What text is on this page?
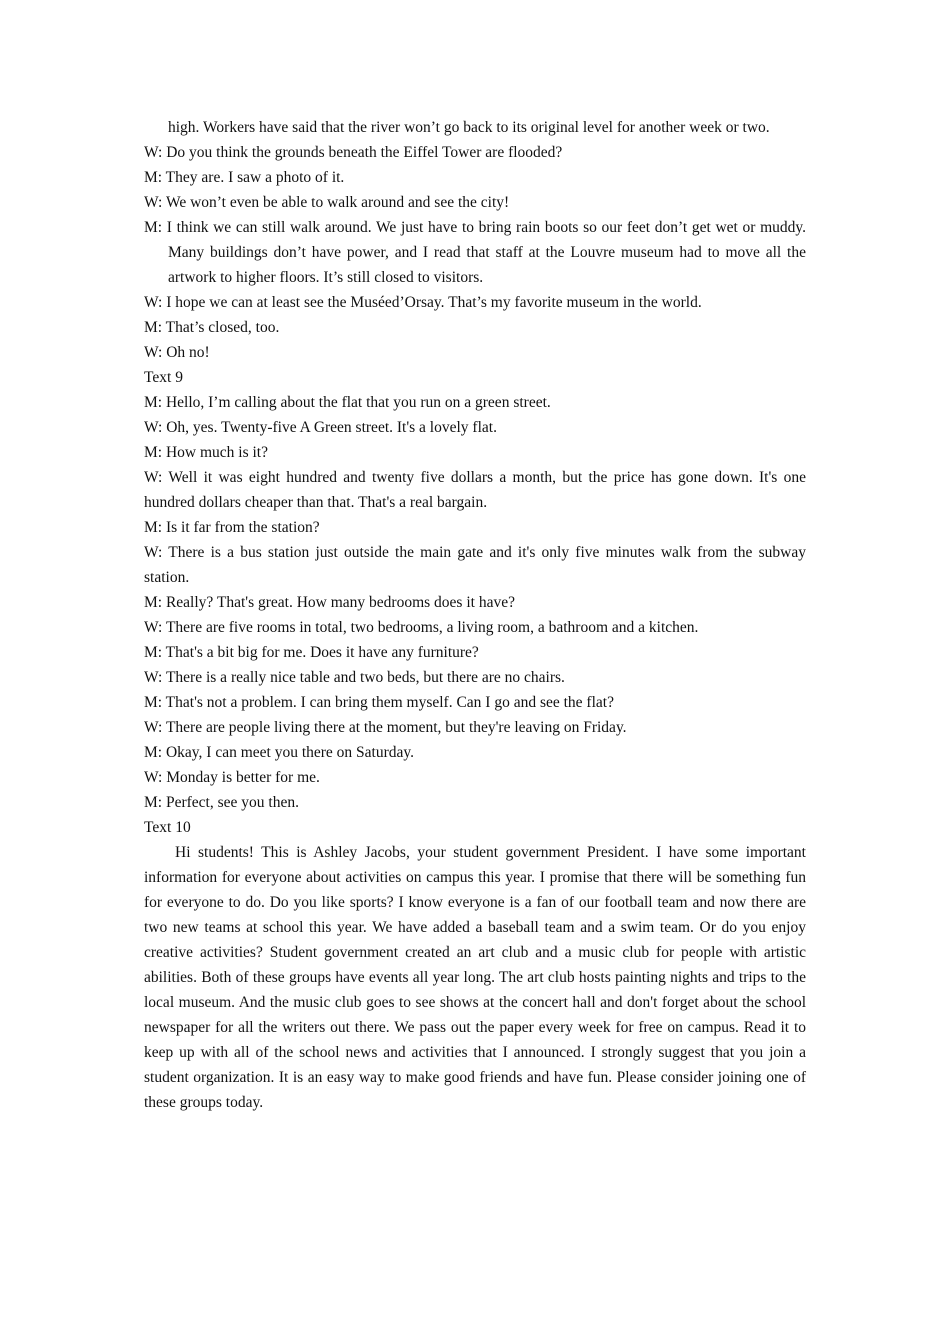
high. Workers have said that the river won’t go back to its original level for another week or two.

W: Do you think the grounds beneath the Eiffel Tower are flooded?

M: They are. I saw a photo of it.

W: We won’t even be able to walk around and see the city!

M: I think we can still walk around. We just have to bring rain boots so our feet don’t get wet or muddy. Many buildings don’t have power, and I read that staff at the Louvre museum had to move all the artwork to higher floors. It’s still closed to visitors.

W: I hope we can at least see the Muséed’Orsay. That’s my favorite museum in the world.

M: That’s closed, too.

W: Oh no!

Text 9

M: Hello, I’m calling about the flat that you run on a green street.

W: Oh, yes. Twenty-five A Green street. It's a lovely flat.

M: How much is it?

W: Well it was eight hundred and twenty five dollars a month, but the price has gone down. It's one hundred dollars cheaper than that. That's a real bargain.

M: Is it far from the station?

W: There is a bus station just outside the main gate and it's only five minutes walk from the subway station.

M: Really? That's great. How many bedrooms does it have?

W: There are five rooms in total, two bedrooms, a living room, a bathroom and a kitchen.

M: That's a bit big for me. Does it have any furniture?

W: There is a really nice table and two beds, but there are no chairs.

M: That's not a problem. I can bring them myself. Can I go and see the flat?

W: There are people living there at the moment, but they're leaving on Friday.

M: Okay, I can meet you there on Saturday.

W: Monday is better for me.

M: Perfect, see you then.

Text 10

Hi students! This is Ashley Jacobs, your student government President. I have some important information for everyone about activities on campus this year. I promise that there will be something fun for everyone to do. Do you like sports? I know everyone is a fan of our football team and now there are two new teams at school this year. We have added a baseball team and a swim team. Or do you enjoy creative activities? Student government created an art club and a music club for people with artistic abilities. Both of these groups have events all year long. The art club hosts painting nights and trips to the local museum. And the music club goes to see shows at the concert hall and don't forget about the school newspaper for all the writers out there. We pass out the paper every week for free on campus. Read it to keep up with all of the school news and activities that I announced. I strongly suggest that you join a student organization. It is an easy way to make good friends and have fun. Please consider joining one of these groups today.
